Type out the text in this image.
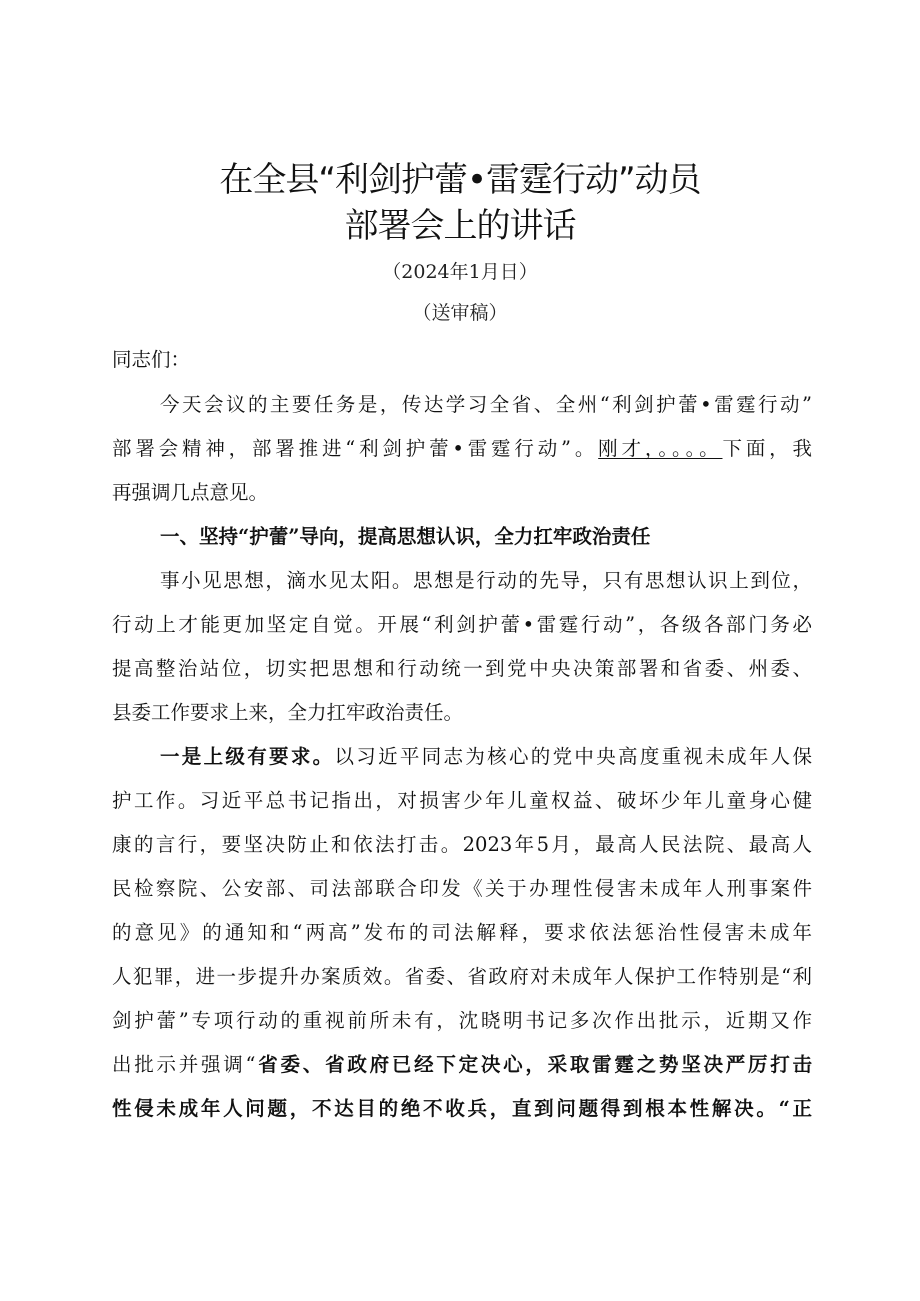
在全县“利剑护蕾•雷霆行动”动员
部署会上的讲话
（2024年1月日）
（送审稿）
同志们：
今天会议的主要任务是，传达学习全省、全州“利剑护蕾•雷霆行动”
部署会精神，部署推进“利剑护蕾•雷霆行动”。刚才，。。。。下面，我
再强调几点意见。
一、坚持“护蕾”导向，提高思想认识，全力扛牢政治责任
事小见思想，滴水见太阳。思想是行动的先导，只有思想认识上到位，
行动上才能更加坚定自觉。开展“利剑护蕾•雷霆行动”，各级各部门务必
提高整治站位，切实把思想和行动统一到党中央决策部署和省委、州委、
县委工作要求上来，全力扛牢政治责任。
一是上级有要求。以习近平同志为核心的党中央高度重视未成年人保
护工作。习近平总书记指出，对损害少年儿童权益、破坏少年儿童身心健
康的言行，要坚决防止和依法打击。2023年5月，最高人民法院、最高人
民检察院、公安部、司法部联合印发《关于办理性侵害未成年人刑事案件
的意见》的通知和“两高”发布的司法解释，要求依法惩治性侵害未成年
人犯罪，进一步提升办案质效。省委、省政府对未成年人保护工作特别是“利
剑护蕾”专项行动的重视前所未有，沈晓明书记多次作出批示，近期又作
出批示并强调“省委、省政府已经下定决心，采取雷霆之势坚决严厉打击
性侵未成年人问题，不达目的绝不收兵，直到问题得到根本性解决。“正
